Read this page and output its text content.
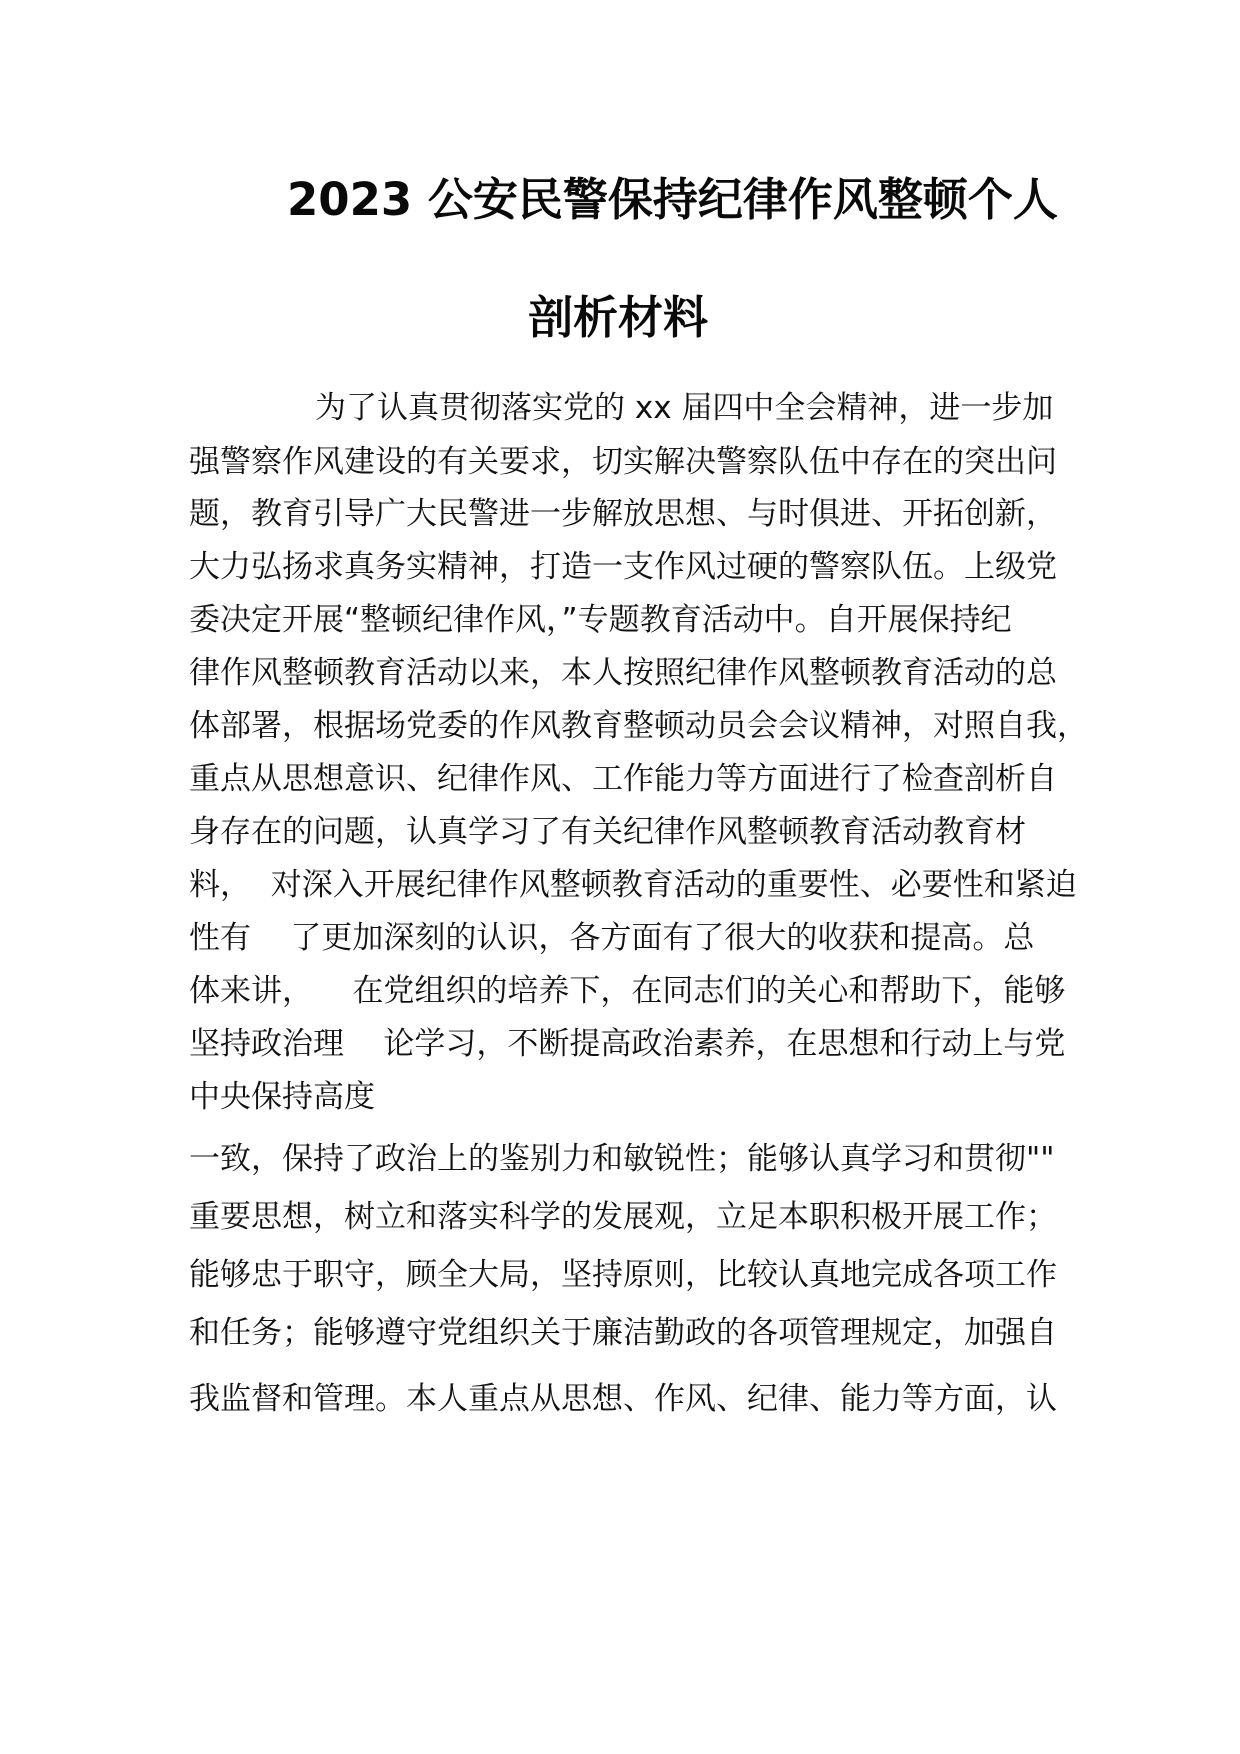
2023 公安民警保持纪律作风整顿个人
剖析材料
为了认真贯彻落实党的 xx 届四中全会精神，进一步加
强警察作风建设的有关要求，切实解决警察队伍中存在的突出问
题，教育引导广大民警进一步解放思想、与时俱进、开拓创新，
大力弘扬求真务实精神，打造一支作风过硬的警察队伍。上级党
委决定开展“整顿纪律作风，”专题教育活动中。自开展保持纪
律作风整顿教育活动以来，本人按照纪律作风整顿教育活动的总
体部署，根据场党委的作风教育整顿动员会会议精神，对照自我，
重点从思想意识、纪律作风、工作能力等方面进行了检查剖析自
身存在的问题，认真学习了有关纪律作风整顿教育活动教育材
料，  对深入开展纪律作风整顿教育活动的重要性、必要性和紧迫
性有    了更加深刻的认识，各方面有了很大的收获和提高。总
体来讲，    在党组织的培养下，在同志们的关心和帮助下，能够
坚持政治理    论学习，不断提高政治素养，在思想和行动上与党
中央保持高度
一致，保持了政治上的鉴别力和敏锐性；能够认真学习和贯彻""
重要思想，树立和落实科学的发展观，立足本职积极开展工作；
能够忠于职守，顾全大局，坚持原则，比较认真地完成各项工作
和任务；能够遵守党组织关于廉洁勤政的各项管理规定，加强自
我监督和管理。本人重点从思想、作风、纪律、能力等方面，认
